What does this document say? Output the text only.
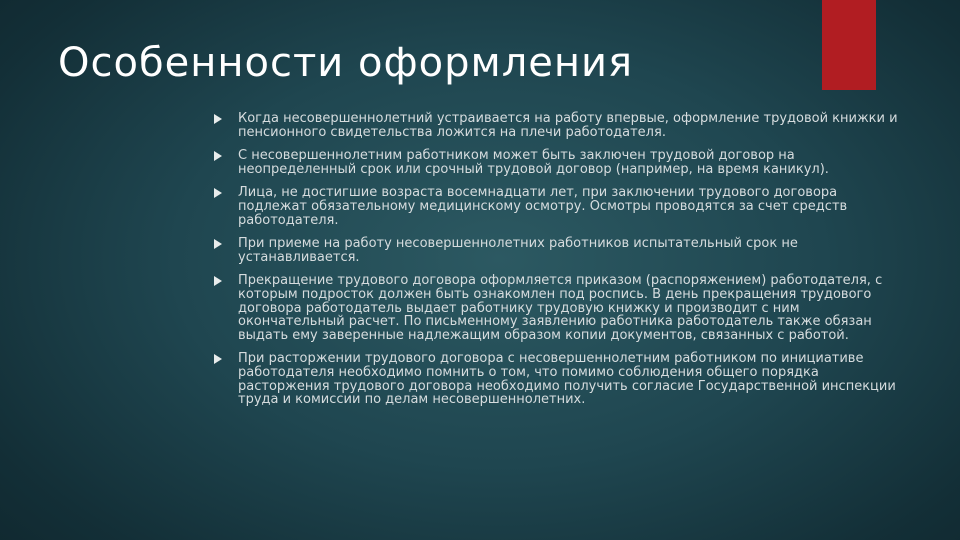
Особенности оформления
Когда несовершеннолетний устраивается на работу впервые, оформление трудовой книжки и пенсионного свидетельства ложится на плечи работодателя.
С несовершеннолетним работником может быть заключен трудовой договор на неопределенный срок или срочный трудовой договор (например, на время каникул).
Лица, не достигшие возраста восемнадцати лет, при заключении трудового договора подлежат обязательному медицинскому осмотру. Осмотры проводятся за счет средств работодателя.
При приеме на работу несовершеннолетних работников испытательный срок не устанавливается.
Прекращение трудового договора оформляется приказом (распоряжением) работодателя, с которым подросток должен быть ознакомлен под роспись. В день прекращения трудового договора работодатель выдает работнику трудовую книжку и производит с ним окончательный расчет. По письменному заявлению работника работодатель также обязан выдать ему заверенные надлежащим образом копии документов, связанных с работой.
При расторжении трудового договора с несовершеннолетним работником по инициативе работодателя необходимо помнить о том, что помимо соблюдения общего порядка расторжения трудового договора необходимо получить согласие Государственной инспекции труда и комиссии по делам несовершеннолетних.
